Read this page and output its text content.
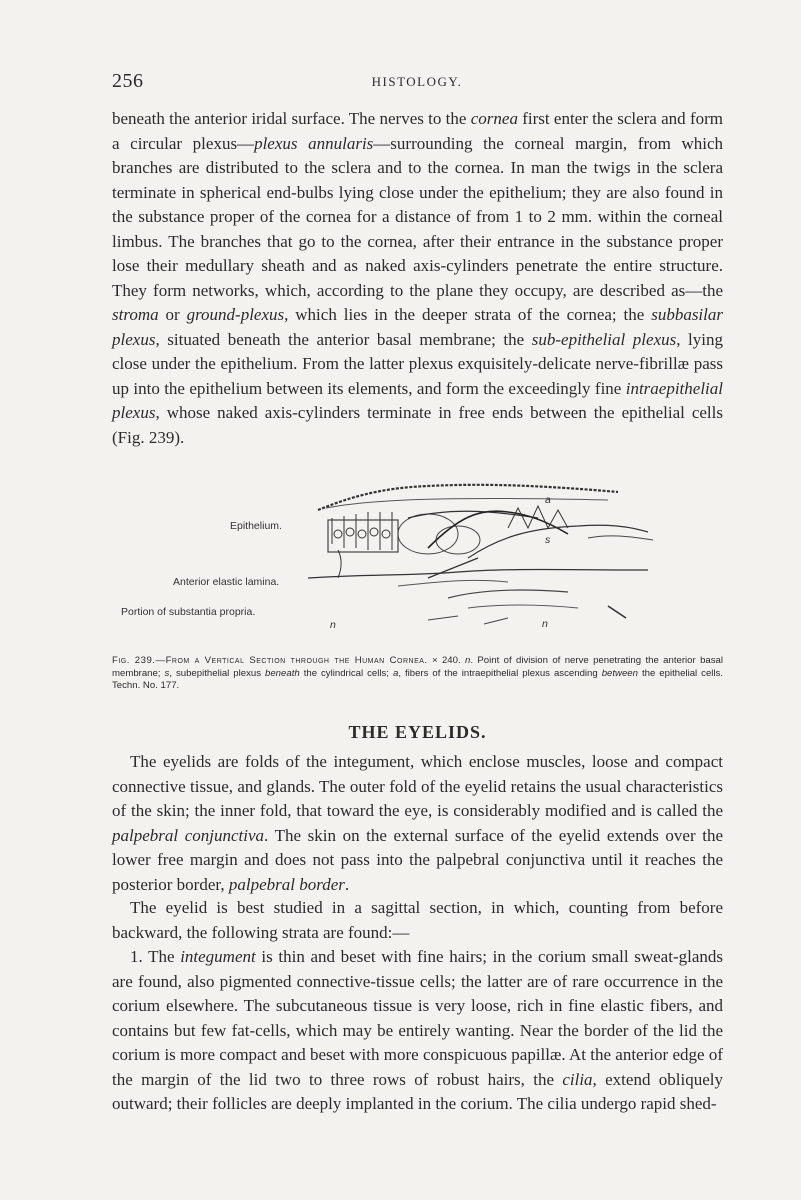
256	HISTOLOGY.

beneath the anterior iridal surface. The nerves to the cornea first enter the sclera and form a circular plexus—plexus annularis—surrounding the corneal margin, from which branches are distributed to the sclera and to the cornea. In man the twigs in the sclera terminate in spherical end-bulbs lying close under the epithelium; they are also found in the substance proper of the cornea for a distance of from 1 to 2 mm. within the corneal limbus. The branches that go to the cornea, after their entrance in the substance proper lose their medullary sheath and as naked axis-cylinders penetrate the entire structure. They form networks, which, according to the plane they occupy, are described as—the stroma or ground-plexus, which lies in the deeper strata of the cornea; the subbasilar plexus, situated beneath the anterior basal membrane; the sub-epithelial plexus, lying close under the epithelium. From the latter plexus exquisitely-delicate nerve-fibrillæ pass up into the epithelium between its elements, and form the exceedingly fine intraepithelial plexus, whose naked axis-cylinders terminate in free ends between the epithelial cells (Fig. 239).

Epithelium.
Anterior elastic lamina.
Portion of substantia propria.
a
s
n
n

Fig. 239.—From a Vertical Section through the Human Cornea. × 240. n. Point of division of nerve penetrating the anterior basal membrane; s, subepithelial plexus beneath the cylindrical cells; a, fibers of the intraepithelial plexus ascending between the epithelial cells. Techn. No. 177.

THE EYELIDS.

The eyelids are folds of the integument, which enclose muscles, loose and compact connective tissue, and glands. The outer fold of the eyelid retains the usual characteristics of the skin; the inner fold, that toward the eye, is considerably modified and is called the palpebral conjunctiva. The skin on the external surface of the eyelid extends over the lower free margin and does not pass into the palpebral conjunctiva until it reaches the posterior border, palpebral border.

The eyelid is best studied in a sagittal section, in which, counting from before backward, the following strata are found:—

1. The integument is thin and beset with fine hairs; in the corium small sweat-glands are found, also pigmented connective-tissue cells; the latter are of rare occurrence in the corium elsewhere. The subcutaneous tissue is very loose, rich in fine elastic fibers, and contains but few fat-cells, which may be entirely wanting. Near the border of the lid the corium is more compact and beset with more conspicuous papillæ. At the anterior edge of the margin of the lid two to three rows of robust hairs, the cilia, extend obliquely outward; their follicles are deeply implanted in the corium. The cilia undergo rapid shed-
